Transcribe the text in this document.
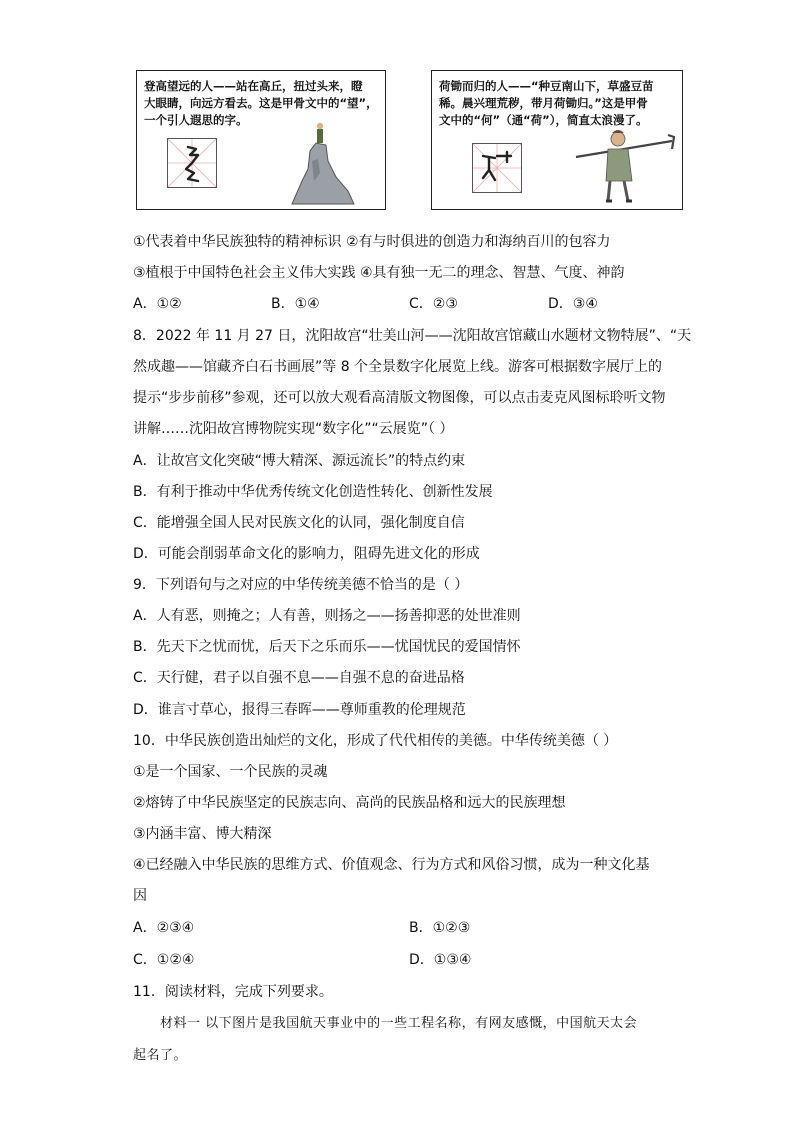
登高望远的人——站在高丘，扭过头来，瞪
大眼睛，向远方看去。这是甲骨文中的“望”，
一个引人遐思的字。
荷锄而归的人——“种豆南山下，草盛豆苗
稀。晨兴理荒秽，带月荷锄归。”这是甲骨
文中的“何”（通“荷”），简直太浪漫了。
①代表着中华民族独特的精神标识 ②有与时俱进的创造力和海纳百川的包容力
③植根于中国特色社会主义伟大实践 ④具有独一无二的理念、智慧、气度、神韵
A．①②	B．①④	C．②③	D．③④
8．2022 年 11 月 27 日，沈阳故宫“壮美山河——沈阳故宫馆藏山水题材文物特展”、“天
然成趣——馆藏齐白石书画展”等 8 个全景数字化展览上线。游客可根据数字展厅上的
提示“步步前移”参观，还可以放大观看高清版文物图像，可以点击麦克风图标聆听文物
讲解……沈阳故宫博物院实现“数字化”“云展览”（ ）
A．让故宫文化突破“博大精深、源远流长”的特点约束
B．有利于推动中华优秀传统文化创造性转化、创新性发展
C．能增强全国人民对民族文化的认同，强化制度自信
D．可能会削弱革命文化的影响力，阻碍先进文化的形成
9．下列语句与之对应的中华传统美德不恰当的是（ ）
A．人有恶，则掩之；人有善，则扬之——扬善抑恶的处世准则
B．先天下之忧而忧，后天下之乐而乐——忧国忧民的爱国情怀
C．天行健，君子以自强不息——自强不息的奋进品格
D．谁言寸草心，报得三春晖——尊师重教的伦理规范
10．中华民族创造出灿烂的文化，形成了代代相传的美德。中华传统美德（ ）
①是一个国家、一个民族的灵魂
②熔铸了中华民族坚定的民族志向、高尚的民族品格和远大的民族理想
③内涵丰富、博大精深
④已经融入中华民族的思维方式、价值观念、行为方式和风俗习惯，成为一种文化基
因
A．②③④	B．①②③
C．①②④	D．①③④
11．阅读材料，完成下列要求。
材料一 以下图片是我国航天事业中的一些工程名称，有网友感慨，中国航天太会
起名了。
